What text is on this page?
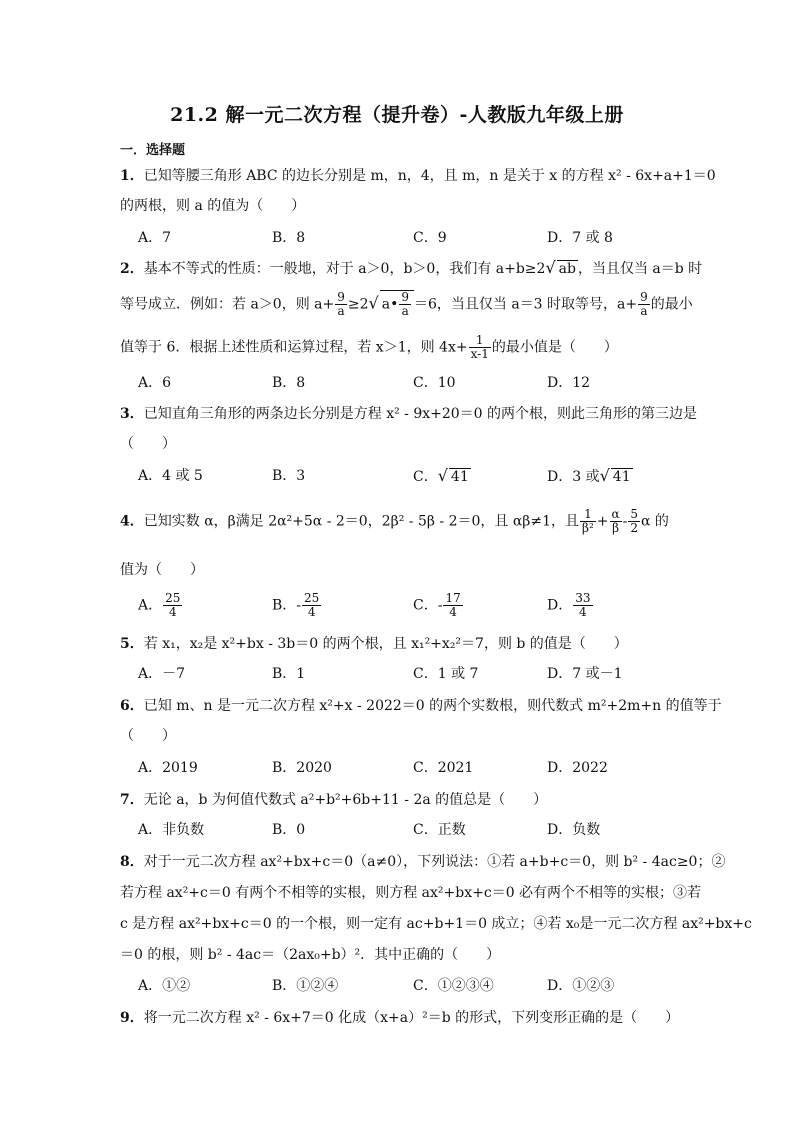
21.2 解一元二次方程（提升卷）-人教版九年级上册
一．选择题
1．已知等腰三角形 ABC 的边长分别是 m，n，4，且 m，n 是关于 x 的方程 x² - 6x+a+1＝0
的两根，则 a 的值为（　　）
A．7	B．8	C．9	D．7 或 8
2．基本不等式的性质：一般地，对于 a＞0，b＞0，我们有 a+b≥2√ ab ，当且仅当 a＝b 时
等号成立．例如：若 a＞0，则 $a+ \frac{9}{a} \ge 2√$ a• $\frac{9}{a} =6$，当且仅当 a＝3 时取等号，$a+ \frac{9}{a}$ 的最小
值等于 6．根据上述性质和运算过程，若 x＞1，则 $4x+ \frac{1}{x-1}$ 的最小值是（　　）
A．6	B．8	C．10	D．12
3．已知直角三角形的两条边长分别是方程 x² - 9x+20＝0 的两个根，则此三角形的第三边是
（　　）
A．4 或 5	B．3	C．√ 41	D．3 或√ 41
4．已知实数 α，β满足 2α²+5α - 2＝0，2β² - 5β - 2＝0，且 αβ≠1，且 $\frac{1}{\text{β²}} + \frac{\alpha}{\beta} - \frac{5}{2}$ α 的
值为（　　）
A． $\frac{25}{4}$	B．- $\frac{25}{4}$	C．- $\frac{17}{4}$	D． $\frac{33}{4}$
5．若 x₁，x₂是 x²+bx - 3b＝0 的两个根，且 x₁²+x₂²＝7，则 b 的值是（　　）
A．－7	B．1	C．1 或 7	D．7 或－1
6．已知 m、n 是一元二次方程 x²+x - 2022＝0 的两个实数根，则代数式 m²+2m+n 的值等于
（　　）
A．2019	B．2020	C．2021	D．2022
7．无论 a，b 为何值代数式 a²+b²+6b+11 - 2a 的值总是（　　）
A．非负数	B．0	C．正数	D．负数
8．对于一元二次方程 ax²+bx+c＝0（a≠0），下列说法：①若 a+b+c＝0，则 b² - 4ac≥0；②
若方程 ax²+c＝0 有两个不相等的实根，则方程 ax²+bx+c＝0 必有两个不相等的实根；③若
c 是方程 ax²+bx+c＝0 的一个根，则一定有 ac+b+1＝0 成立；④若 x₀是一元二次方程 ax²+bx+c
＝0 的根，则 b² - 4ac＝（2ax₀+b）²．其中正确的（　　）
A．①②	B．①②④	C．①②③④	D．①②③
9．将一元二次方程 x² - 6x+7＝0 化成（x+a）²＝b 的形式，下列变形正确的是（　　）
